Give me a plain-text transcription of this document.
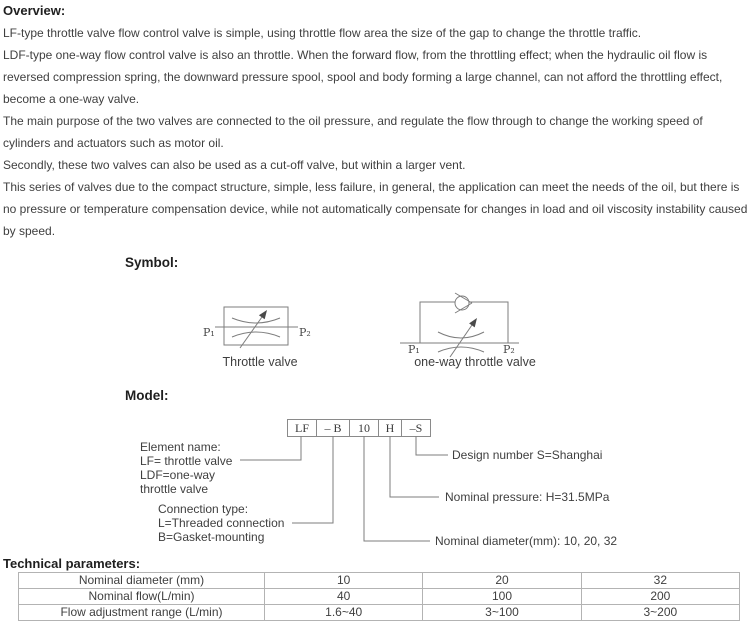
Overview:

LF-type throttle valve flow control valve is simple, using throttle flow area the size of the gap to change the throttle traffic.

LDF-type one-way flow control valve is also an throttle. When the forward flow, from the throttling effect; when the hydraulic oil flow is reversed compression spring, the downward pressure spool, spool and body forming a large channel, can not afford the throttling effect, become a one-way valve.

The main purpose of the two valves are connected to the oil pressure, and regulate the flow through to change the working speed of cylinders and actuators such as motor oil.

Secondly, these two valves can also be used as a cut-off valve, but within a larger vent.

This series of valves due to the compact structure, simple, less failure, in general, the application can meet the needs of the oil, but there is no pressure or temperature compensation device, while not automatically compensate for changes in load and oil viscosity instability caused by speed.

Symbol:
P₁	P₂
Throttle valve
P₁	P₂
one-way throttle valve
Model:
LF	– B	10	H	–S
Element name:
LF= throttle valve
LDF=one-way
throttle valve
Connection type:
L=Threaded connection
B=Gasket-mounting
Design number S=Shanghai
Nominal pressure: H=31.5MPa
Nominal diameter(mm): 10, 20, 32
Technical parameters:
Nominal diameter (mm)	10	20	32
Nominal flow(L/min)	40	100	200
Flow adjustment range (L/min)	1.6~40	3~100	3~200
